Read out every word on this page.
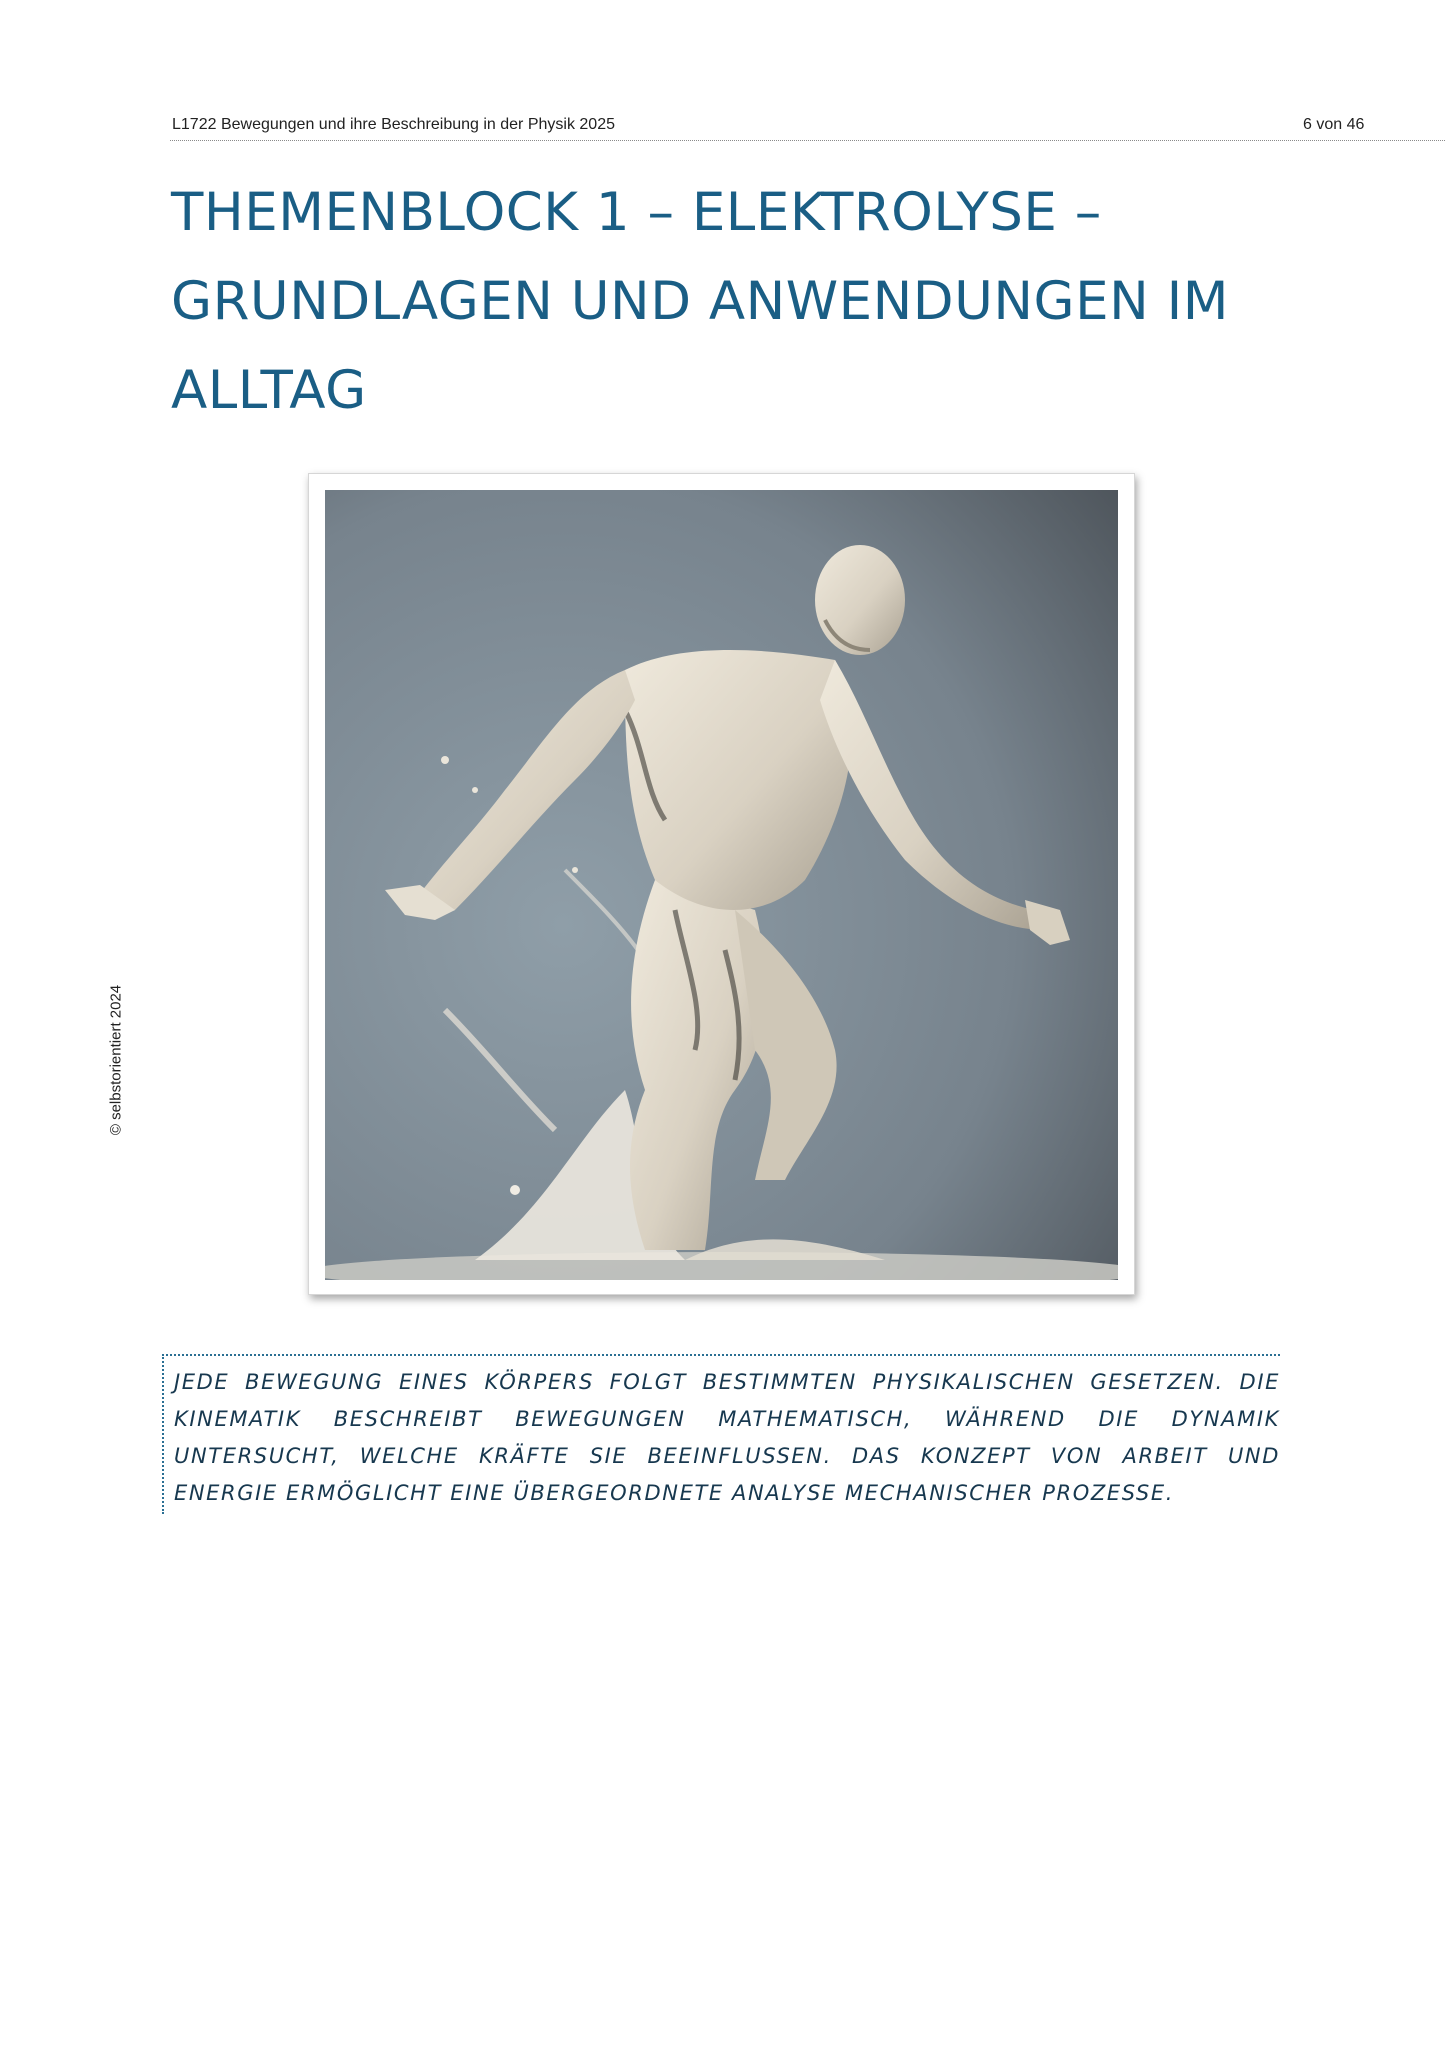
L1722 Bewegungen und ihre Beschreibung in der Physik 2025	6 von 46
THEMENBLOCK 1 – ELEKTROLYSE – GRUNDLAGEN UND ANWENDUNGEN IM ALLTAG
© selbstorientiert 2024

JEDE BEWEGUNG EINES KÖRPERS FOLGT BESTIMMTEN PHYSIKALISCHEN GESETZEN. DIE KINEMATIK BESCHREIBT BEWEGUNGEN MATHEMATISCH, WÄHREND DIE DYNAMIK UNTERSUCHT, WELCHE KRÄFTE SIE BEEINFLUSSEN. DAS KONZEPT VON ARBEIT UND ENERGIE ERMÖGLICHT EINE ÜBERGEORDNETE ANALYSE MECHANISCHER PROZESSE.
